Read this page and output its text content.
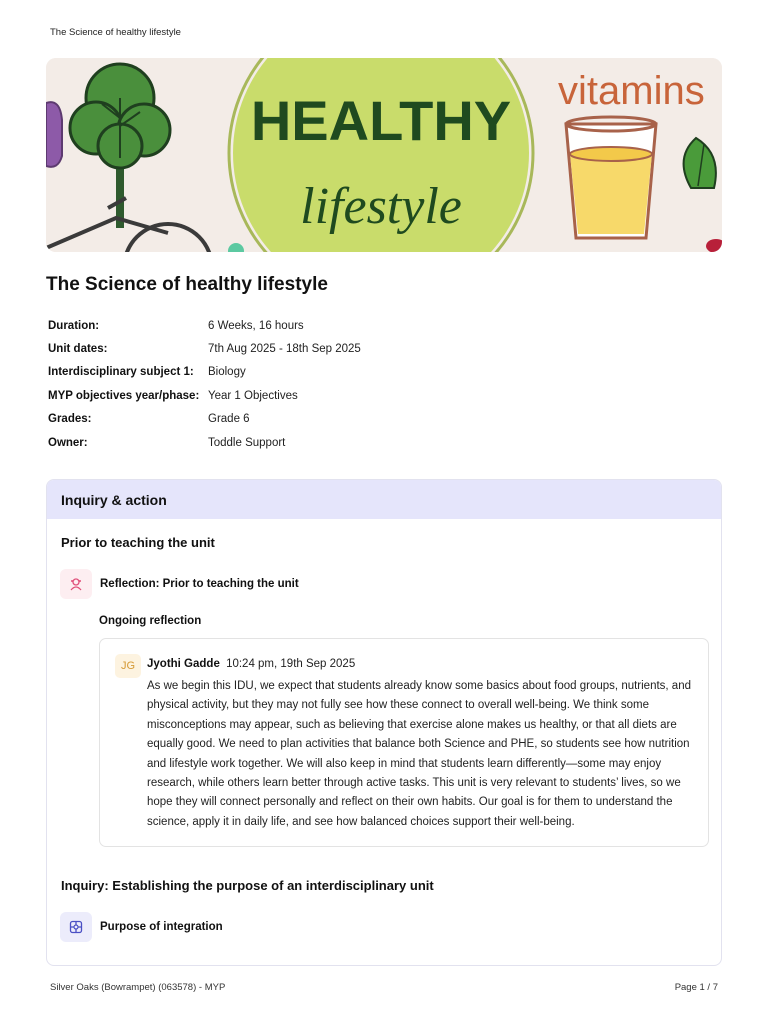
The Science of healthy lifestyle
HEALTHY
lifestyle
vitamins
The Science of healthy lifestyle
Duration:	6 Weeks, 16 hours
Unit dates:	7th Aug 2025 - 18th Sep 2025
Interdisciplinary subject 1:	Biology
MYP objectives year/phase: Year 1 Objectives
Grades:	Grade 6
Owner:	Toddle Support
Inquiry & action
Prior to teaching the unit
Reflection: Prior to teaching the unit
Ongoing reflection
JG	Jyothi Gadde 10:24 pm, 19th Sep 2025
As we begin this IDU, we expect that students already know some basics about food groups, nutrients, and physical activity, but they may not fully see how these connect to overall well-being. We think some misconceptions may appear, such as believing that exercise alone makes us healthy, or that all diets are equally good. We need to plan activities that balance both Science and PHE, so students see how nutrition and lifestyle work together. We will also keep in mind that students learn differently—some may enjoy research, while others learn better through active tasks. This unit is very relevant to students’ lives, so we hope they will connect personally and reflect on their own habits. Our goal is for them to understand the science, apply it in daily life, and see how balanced choices support their well-being.
Inquiry: Establishing the purpose of an interdisciplinary unit
Purpose of integration
Silver Oaks (Bowrampet) (063578) - MYP	Page 1 / 7
